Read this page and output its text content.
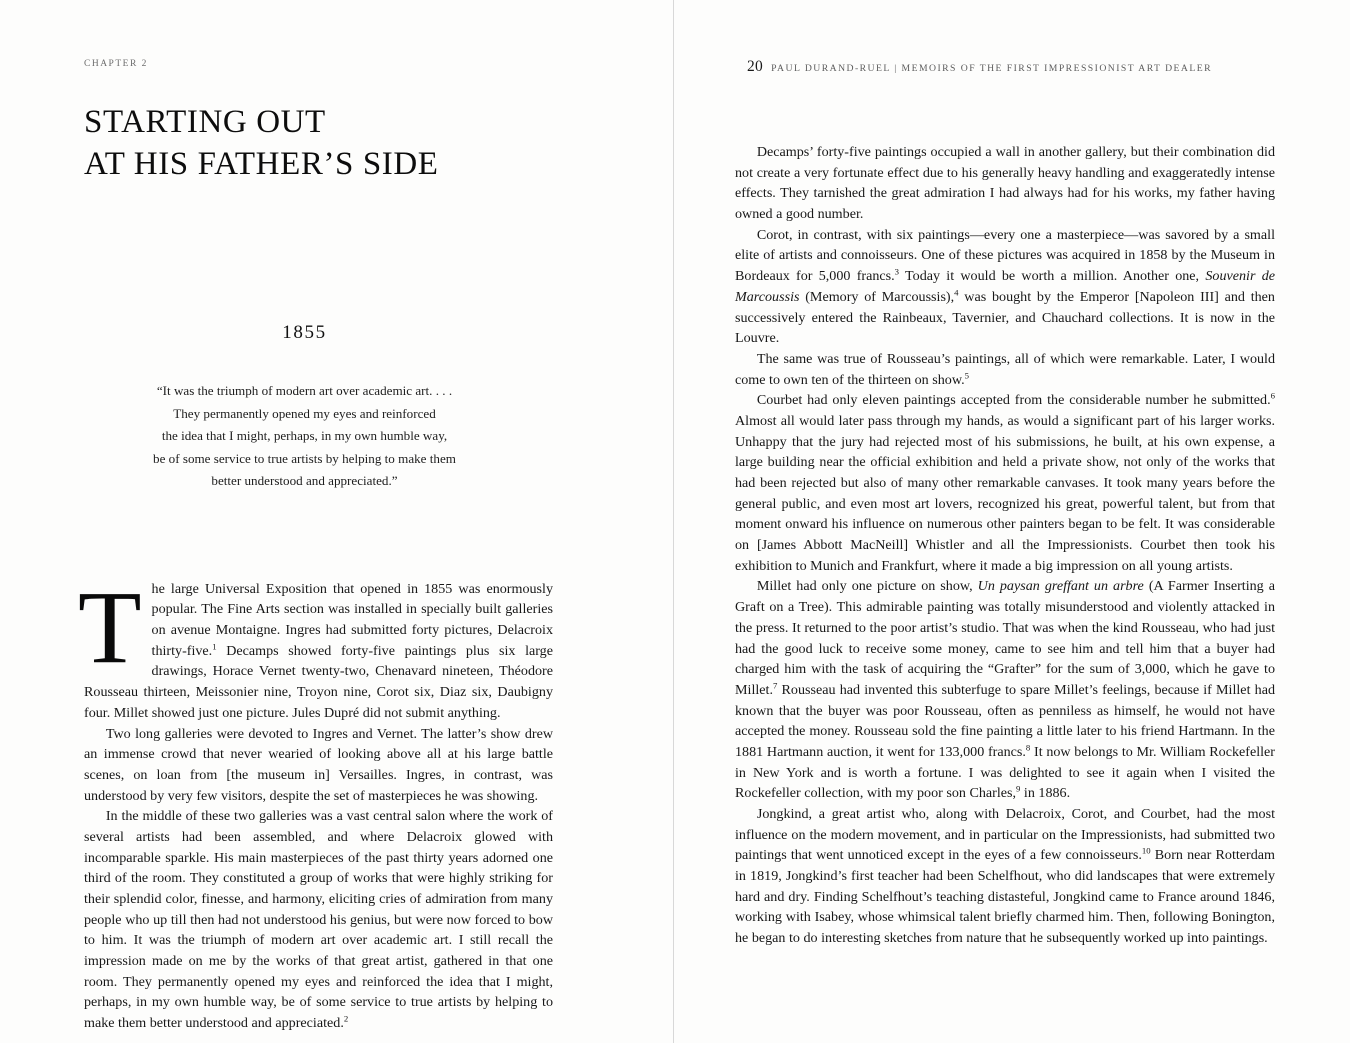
CHAPTER 2
STARTING OUT
AT HIS FATHER’S SIDE
1855
“It was the triumph of modern art over academic art. . . .
They permanently opened my eyes and reinforced
the idea that I might, perhaps, in my own humble way,
be of some service to true artists by helping to make them
better understood and appreciated.”

The large Universal Exposition that opened in 1855 was enormously popular. The Fine Arts section was installed in specially built galleries on avenue Montaigne. Ingres had submitted forty pictures, Delacroix thirty-five.$^1$ Decamps showed forty-five paintings plus six large drawings, Horace Vernet twenty-two, Chenavard nineteen, Théodore Rousseau thirteen, Meissonier nine, Troyon nine, Corot six, Diaz six, Daubigny four. Millet showed just one picture. Jules Dupré did not submit anything.

Two long galleries were devoted to Ingres and Vernet. The latter’s show drew an immense crowd that never wearied of looking above all at his large battle scenes, on loan from [the museum in] Versailles. Ingres, in contrast, was understood by very few visitors, despite the set of masterpieces he was showing.

In the middle of these two galleries was a vast central salon where the work of several artists had been assembled, and where Delacroix glowed with incomparable sparkle. His main masterpieces of the past thirty years adorned one third of the room. They constituted a group of works that were highly striking for their splendid color, finesse, and harmony, eliciting cries of admiration from many people who up till then had not understood his genius, but were now forced to bow to him. It was the triumph of modern art over academic art. I still recall the impression made on me by the works of that great artist, gathered in that one room. They permanently opened my eyes and reinforced the idea that I might, perhaps, in my own humble way, be of some service to true artists by helping to make them better understood and appreciated.$^2$

20 PAUL DURAND-RUEL | MEMOIRS OF THE FIRST IMPRESSIONIST ART DEALER

Decamps’ forty-five paintings occupied a wall in another gallery, but their combination did not create a very fortunate effect due to his generally heavy handling and exaggeratedly intense effects. They tarnished the great admiration I had always had for his works, my father having owned a good number.

Corot, in contrast, with six paintings—every one a masterpiece—was savored by a small elite of artists and connoisseurs. One of these pictures was acquired in 1858 by the Museum in Bordeaux for 5,000 francs.$^3$ Today it would be worth a million. Another one, Souvenir de Marcoussis (Memory of Marcoussis),$^4$ was bought by the Emperor [Napoleon III] and then successively entered the Rainbeaux, Tavernier, and Chauchard collections. It is now in the Louvre.

The same was true of Rousseau’s paintings, all of which were remarkable. Later, I would come to own ten of the thirteen on show.$^5$

Courbet had only eleven paintings accepted from the considerable number he submitted.$^6$ Almost all would later pass through my hands, as would a significant part of his larger works. Unhappy that the jury had rejected most of his submissions, he built, at his own expense, a large building near the official exhibition and held a private show, not only of the works that had been rejected but also of many other remarkable canvases. It took many years before the general public, and even most art lovers, recognized his great, powerful talent, but from that moment onward his influence on numerous other painters began to be felt. It was considerable on [James Abbott MacNeill] Whistler and all the Impressionists. Courbet then took his exhibition to Munich and Frankfurt, where it made a big impression on all young artists.

Millet had only one picture on show, Un paysan greffant un arbre (A Farmer Inserting a Graft on a Tree). This admirable painting was totally misunderstood and violently attacked in the press. It returned to the poor artist’s studio. That was when the kind Rousseau, who had just had the good luck to receive some money, came to see him and tell him that a buyer had charged him with the task of acquiring the “Grafter” for the sum of 3,000, which he gave to Millet.$^7$ Rousseau had invented this subterfuge to spare Millet’s feelings, because if Millet had known that the buyer was poor Rousseau, often as penniless as himself, he would not have accepted the money. Rousseau sold the fine painting a little later to his friend Hartmann. In the 1881 Hartmann auction, it went for 133,000 francs.$^8$ It now belongs to Mr. William Rockefeller in New York and is worth a fortune. I was delighted to see it again when I visited the Rockefeller collection, with my poor son Charles,$^9$ in 1886.

Jongkind, a great artist who, along with Delacroix, Corot, and Courbet, had the most influence on the modern movement, and in particular on the Impressionists, had submitted two paintings that went unnoticed except in the eyes of a few connoisseurs.$^{10}$ Born near Rotterdam in 1819, Jongkind’s first teacher had been Schelfhout, who did landscapes that were extremely hard and dry. Finding Schelfhout’s teaching distasteful, Jongkind came to France around 1846, working with Isabey, whose whimsical talent briefly charmed him. Then, following Bonington, he began to do interesting sketches from nature that he subsequently worked up into paintings.
